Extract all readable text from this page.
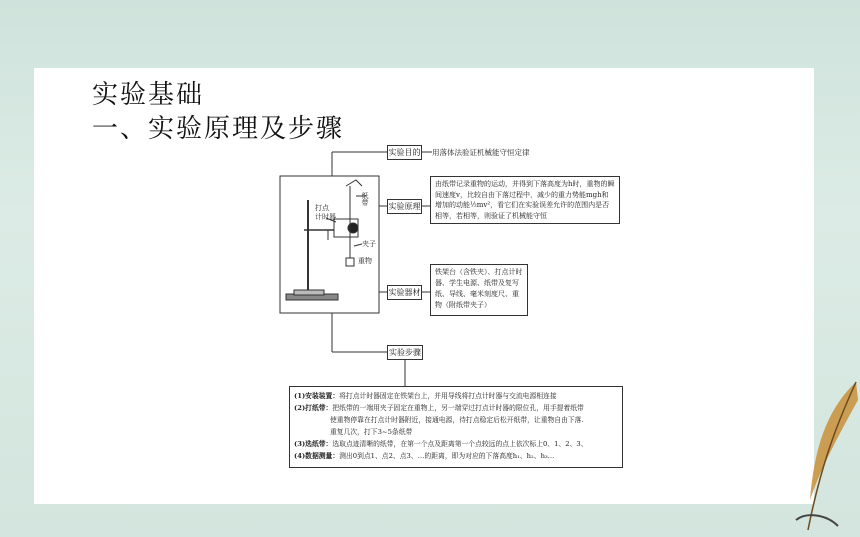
实验基础
一、实验原理及步骤
打点
计时器
纸带
夹子
重物
实验目的
实验原理
实验器材
实验步骤
用落体法验证机械能守恒定律
由纸带记录重物的运动，并得到下落高度为h时，重物的瞬间速度v，比较自由下落过程中，减少的重力势能mgh和增加的动能½mv²，看它们在实验误差允许的范围内是否相等，若相等，则验证了机械能守恒
铁架台（含铁夹）、打点计时器、学生电源、纸带及复写纸、导线、毫米刻度尺、重物（附纸带夹子）
(1)安装装置：将打点计时器固定在铁架台上，并用导线将打点计时器与交流电源相连接
(2)打纸带：把纸带的一端用夹子固定在重物上，另一端穿过打点计时器的限位孔，用手提着纸带
使重物停靠在打点计时器附近，接通电源，待打点稳定后松开纸带，让重物自由下落.
重复几次，打下3~5条纸带
(3)选纸带：选取点迹清晰的纸带，在第一个点及距离第一个点较远的点上依次标上0、1、2、3、
(4)数据测量：测出0到点1、点2、点3、…的距离，即为对应的下落高度h₁、h₂、h₃…
